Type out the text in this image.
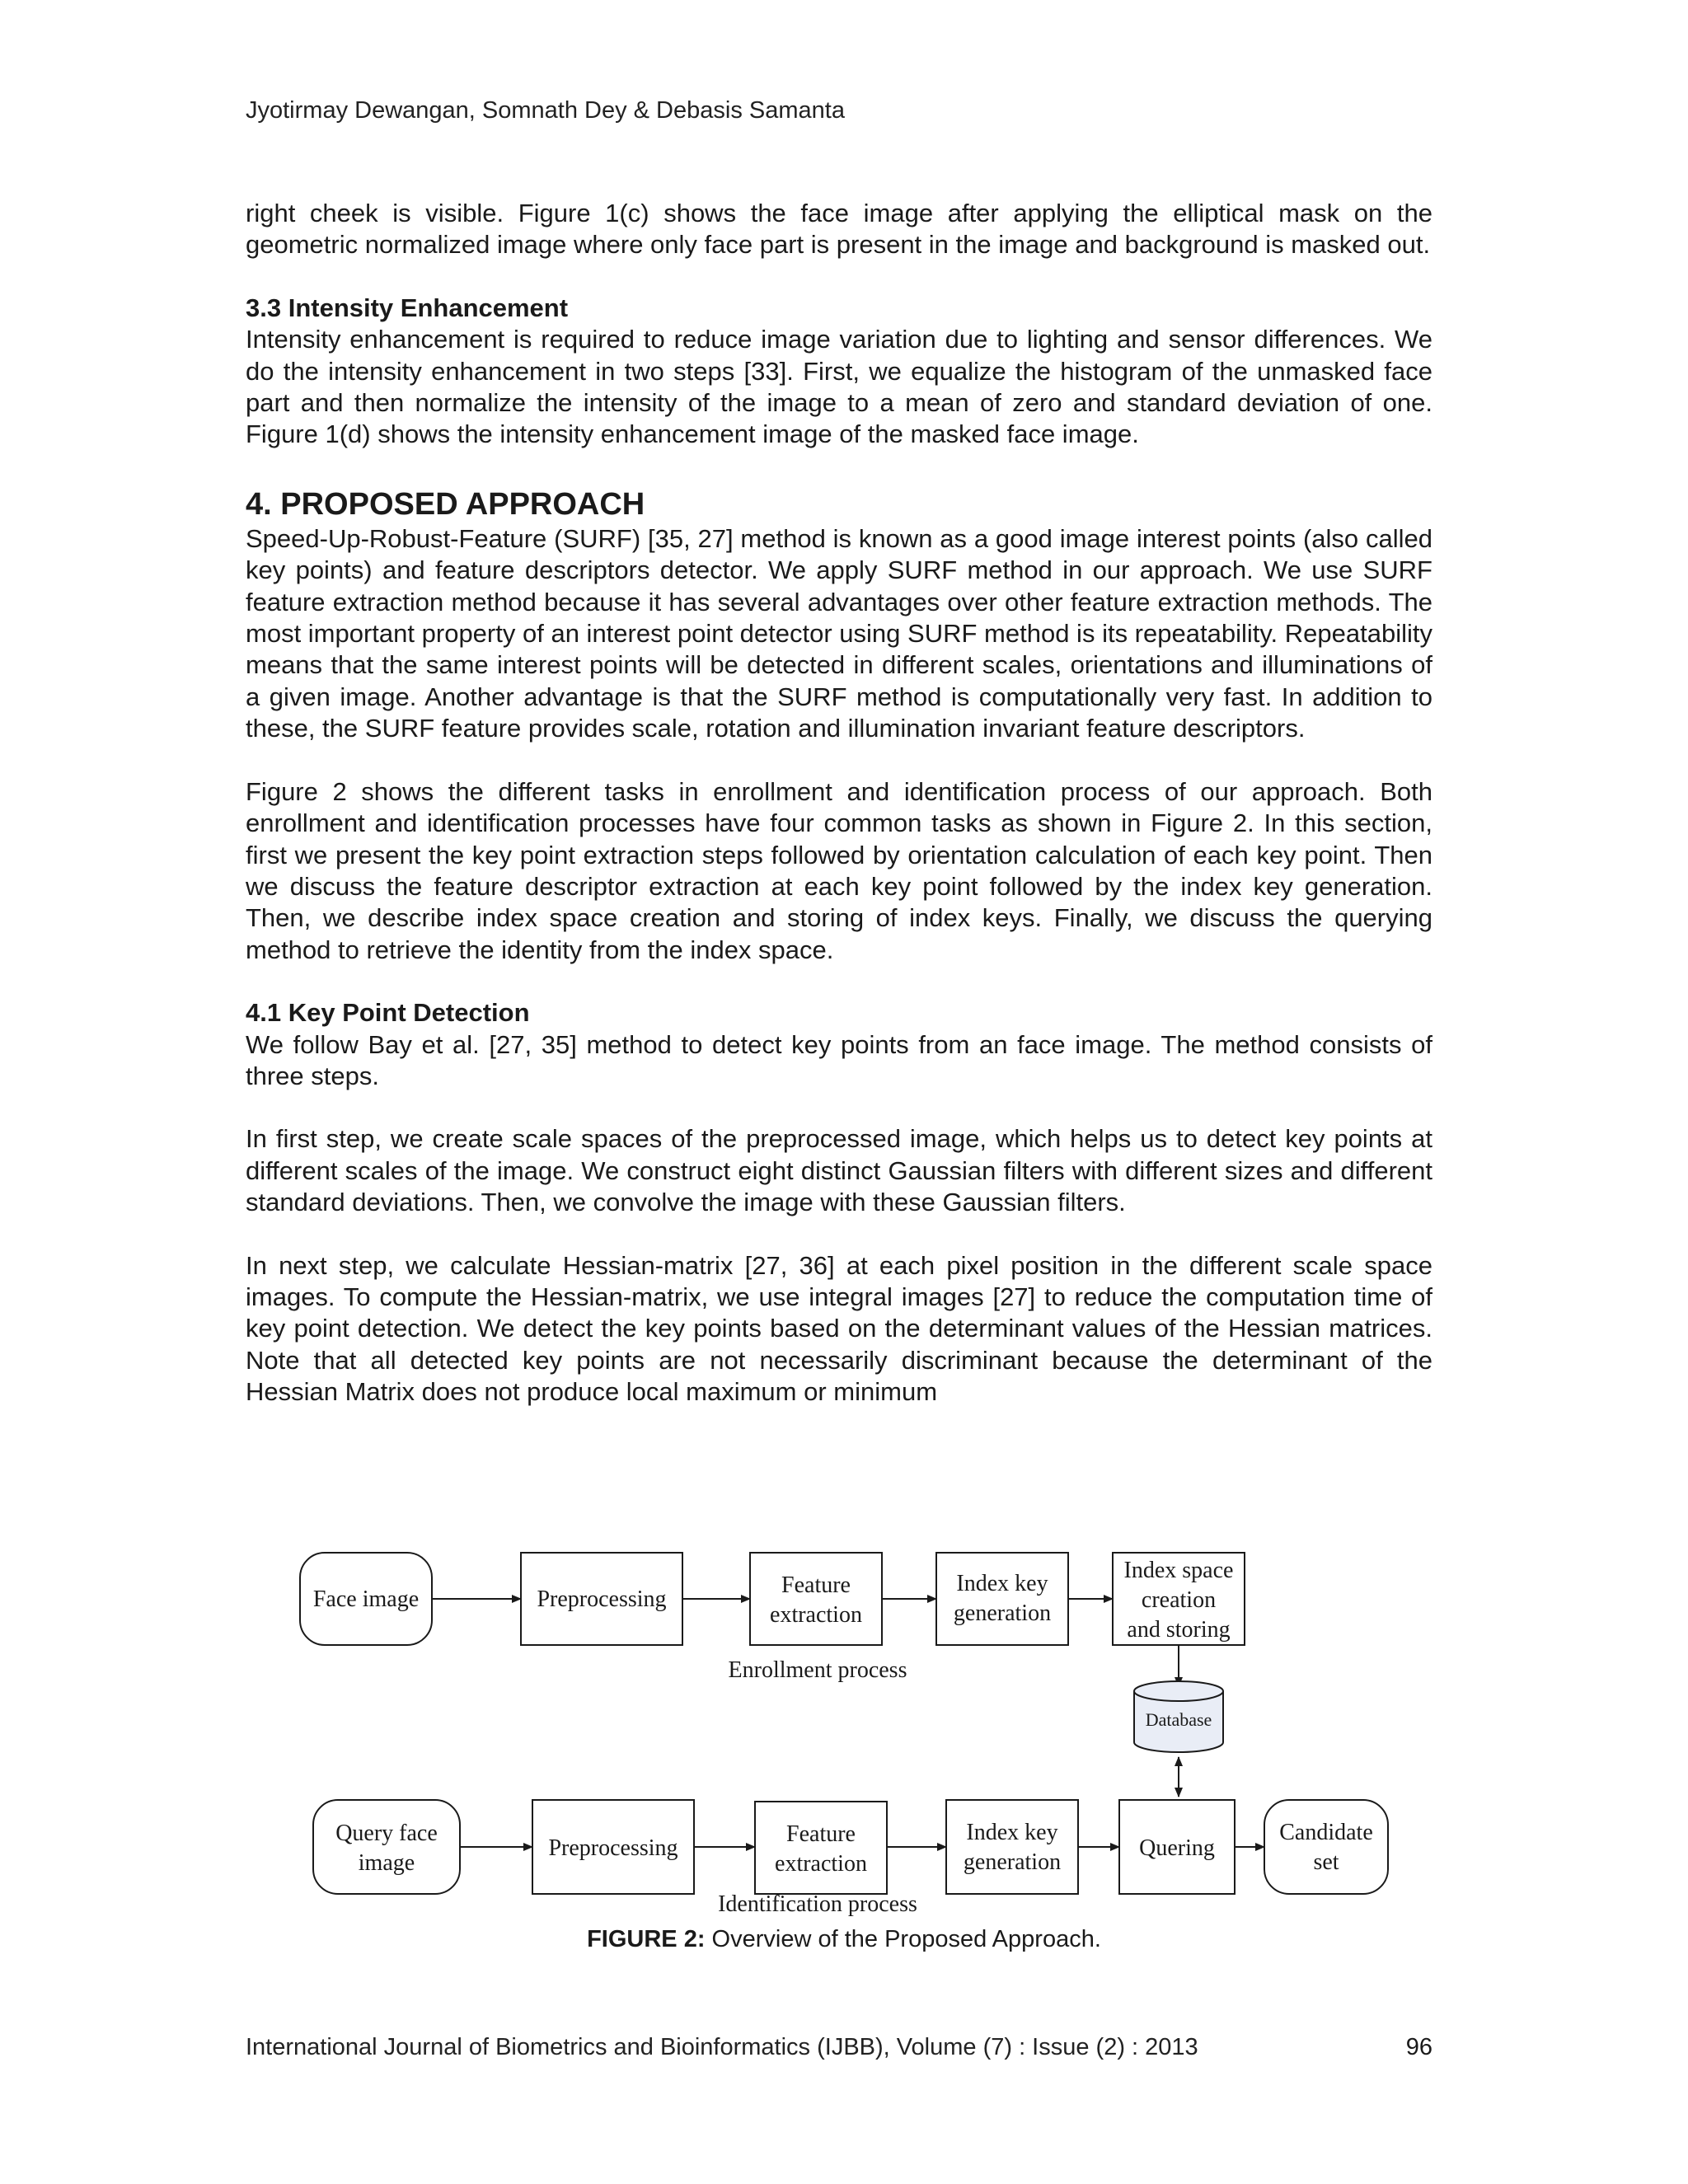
Jyotirmay Dewangan, Somnath Dey & Debasis Samanta

right cheek is visible. Figure 1(c) shows the face image after applying the elliptical mask on the geometric normalized image where only face part is present in the image and background is masked out.

3.3 Intensity Enhancement

Intensity enhancement is required to reduce image variation due to lighting and sensor differences. We do the intensity enhancement in two steps [33]. First, we equalize the histogram of the unmasked face part and then normalize the intensity of the image to a mean of zero and standard deviation of one. Figure 1(d) shows the intensity enhancement image of the masked face image.

4. PROPOSED APPROACH

Speed-Up-Robust-Feature (SURF) [35, 27] method is known as a good image interest points (also called key points) and feature descriptors detector. We apply SURF method in our approach. We use SURF feature extraction method because it has several advantages over other feature extraction methods. The most important property of an interest point detector using SURF method is its repeatability. Repeatability means that the same interest points will be detected in different scales, orientations and illuminations of a given image. Another advantage is that the SURF method is computationally very fast. In addition to these, the SURF feature provides scale, rotation and illumination invariant feature descriptors.

Figure 2 shows the different tasks in enrollment and identification process of our approach. Both enrollment and identification processes have four common tasks as shown in Figure 2. In this section, first we present the key point extraction steps followed by orientation calculation of each key point. Then we discuss the feature descriptor extraction at each key point followed by the index key generation. Then, we describe index space creation and storing of index keys. Finally, we discuss the querying method to retrieve the identity from the index space.

4.1 Key Point Detection

We follow Bay et al. [27, 35] method to detect key points from an face image. The method consists of three steps.

In first step, we create scale spaces of the preprocessed image, which helps us to detect key points at different scales of the image. We construct eight distinct Gaussian filters with different sizes and different standard deviations. Then, we convolve the image with these Gaussian filters.

In next step, we calculate Hessian-matrix [27, 36] at each pixel position in the different scale space images. To compute the Hessian-matrix, we use integral images [27] to reduce the computation time of key point detection. We detect the key points based on the determinant values of the Hessian matrices. Note that all detected key points are not necessarily discriminant because the determinant of the Hessian Matrix does not produce local maximum or minimum

Face image	Preprocessing
Feature
extraction
Index key
generation
Index space
creation
and storing
Enrollment process
Database
Query face
image
Preprocessing
Feature
extraction
Index key
generation
Quering
Candidate
set
Identification process
FIGURE 2: Overview of the Proposed Approach.
International Journal of Biometrics and Bioinformatics (IJBB), Volume (7) : Issue (2) : 2013	96
